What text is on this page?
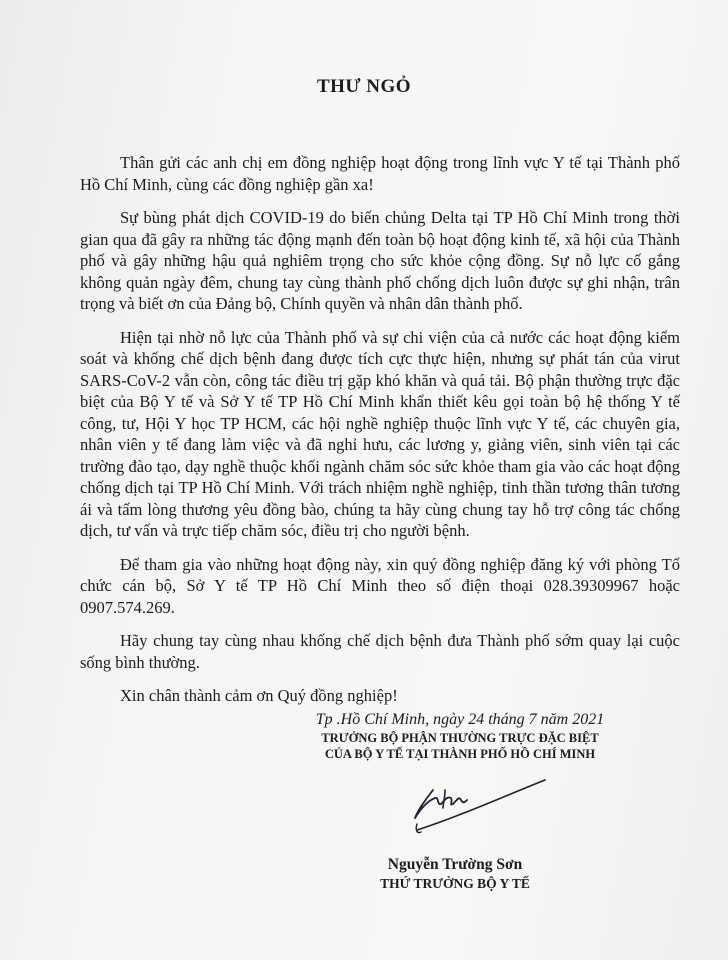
THƯ NGỎ

Thân gửi các anh chị em đồng nghiệp hoạt động trong lĩnh vực Y tế tại Thành phố Hồ Chí Minh, cùng các đồng nghiệp gần xa!

Sự bùng phát dịch COVID-19 do biến chủng Delta tại TP Hồ Chí Minh trong thời gian qua đã gây ra những tác động mạnh đến toàn bộ hoạt động kinh tế, xã hội của Thành phố và gây những hậu quả nghiêm trọng cho sức khỏe cộng đồng. Sự nỗ lực cố gắng không quản ngày đêm, chung tay cùng thành phố chống dịch luôn được sự ghi nhận, trân trọng và biết ơn của Đảng bộ, Chính quyền và nhân dân thành phố.

Hiện tại nhờ nỗ lực của Thành phố và sự chi viện của cả nước các hoạt động kiểm soát và khống chế dịch bệnh đang được tích cực thực hiện, nhưng sự phát tán của virut SARS-CoV-2 vẫn còn, công tác điều trị gặp khó khăn và quá tải. Bộ phận thường trực đặc biệt của Bộ Y tế và Sở Y tế TP Hồ Chí Minh khẩn thiết kêu gọi toàn bộ hệ thống Y tế công, tư, Hội Y học TP HCM, các hội nghề nghiệp thuộc lĩnh vực Y tế, các chuyên gia, nhân viên y tế đang làm việc và đã nghỉ hưu, các lương y, giảng viên, sinh viên tại các trường đào tạo, dạy nghề thuộc khối ngành chăm sóc sức khỏe tham gia vào các hoạt động chống dịch tại TP Hồ Chí Minh. Với trách nhiệm nghề nghiệp, tinh thần tương thân tương ái và tấm lòng thương yêu đồng bào, chúng ta hãy cùng chung tay hỗ trợ công tác chống dịch, tư vấn và trực tiếp chăm sóc, điều trị cho người bệnh.

Để tham gia vào những hoạt động này, xin quý đồng nghiệp đăng ký với phòng Tổ chức cán bộ, Sở Y tế TP Hồ Chí Minh theo số điện thoại 028.39309967 hoặc 0907.574.269.

Hãy chung tay cùng nhau khống chế dịch bệnh đưa Thành phố sớm quay lại cuộc sống bình thường.

Xin chân thành cảm ơn Quý đồng nghiệp!

Tp .Hồ Chí Minh, ngày 24 tháng 7 năm 2021
TRƯỞNG BỘ PHẬN THƯỜNG TRỰC ĐẶC BIỆT
CỦA BỘ Y TẾ TẠI THÀNH PHỐ HỒ CHÍ MINH
Nguyễn Trường Sơn
THỨ TRƯỞNG BỘ Y TẾ
